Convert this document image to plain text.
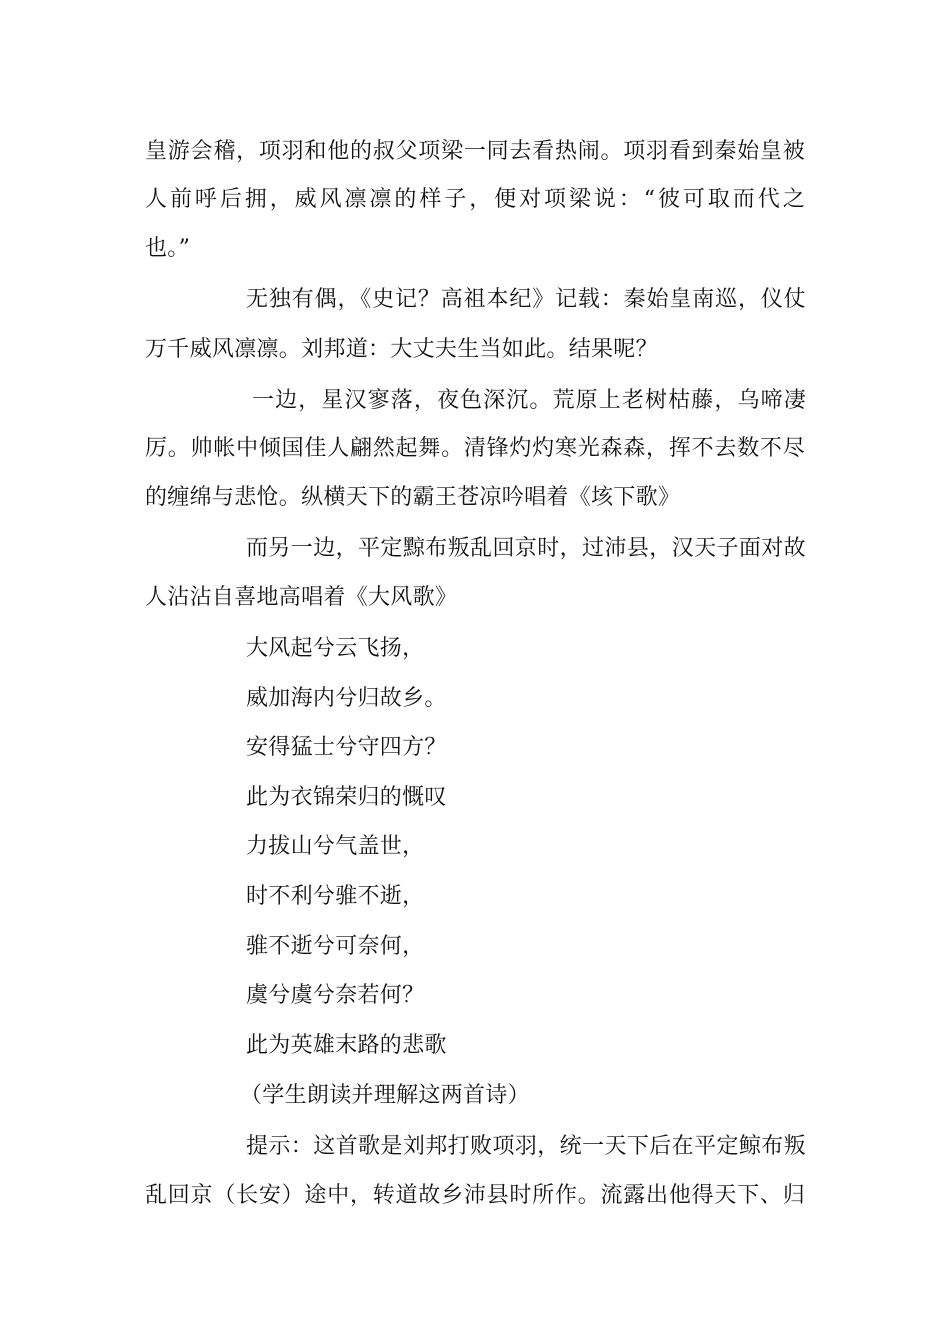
皇游会稽，项羽和他的叔父项梁一同去看热闹。项羽看到秦始皇被
人前呼后拥，威风凛凛的样子，便对项梁说：“彼可取而代之
也。”
无独有偶，《史记？高祖本纪》记载：秦始皇南巡，仪仗
万千威风凛凛。刘邦道：大丈夫生当如此。结果呢？
一边，星汉寥落，夜色深沉。荒原上老树枯藤，乌啼凄
厉。帅帐中倾国佳人翩然起舞。清锋灼灼寒光森森，挥不去数不尽
的缠绵与悲怆。纵横天下的霸王苍凉吟唱着《垓下歌》
而另一边，平定黥布叛乱回京时，过沛县，汉天子面对故
人沾沾自喜地高唱着《大风歌》
大风起兮云飞扬，
威加海内兮归故乡。
安得猛士兮守四方？
此为衣锦荣归的慨叹
力拔山兮气盖世，
时不利兮骓不逝，
骓不逝兮可奈何，
虞兮虞兮奈若何？
此为英雄末路的悲歌
（学生朗读并理解这两首诗）
提示：这首歌是刘邦打败项羽，统一天下后在平定鲸布叛
乱回京（长安）途中，转道故乡沛县时所作。流露出他得天下、归
